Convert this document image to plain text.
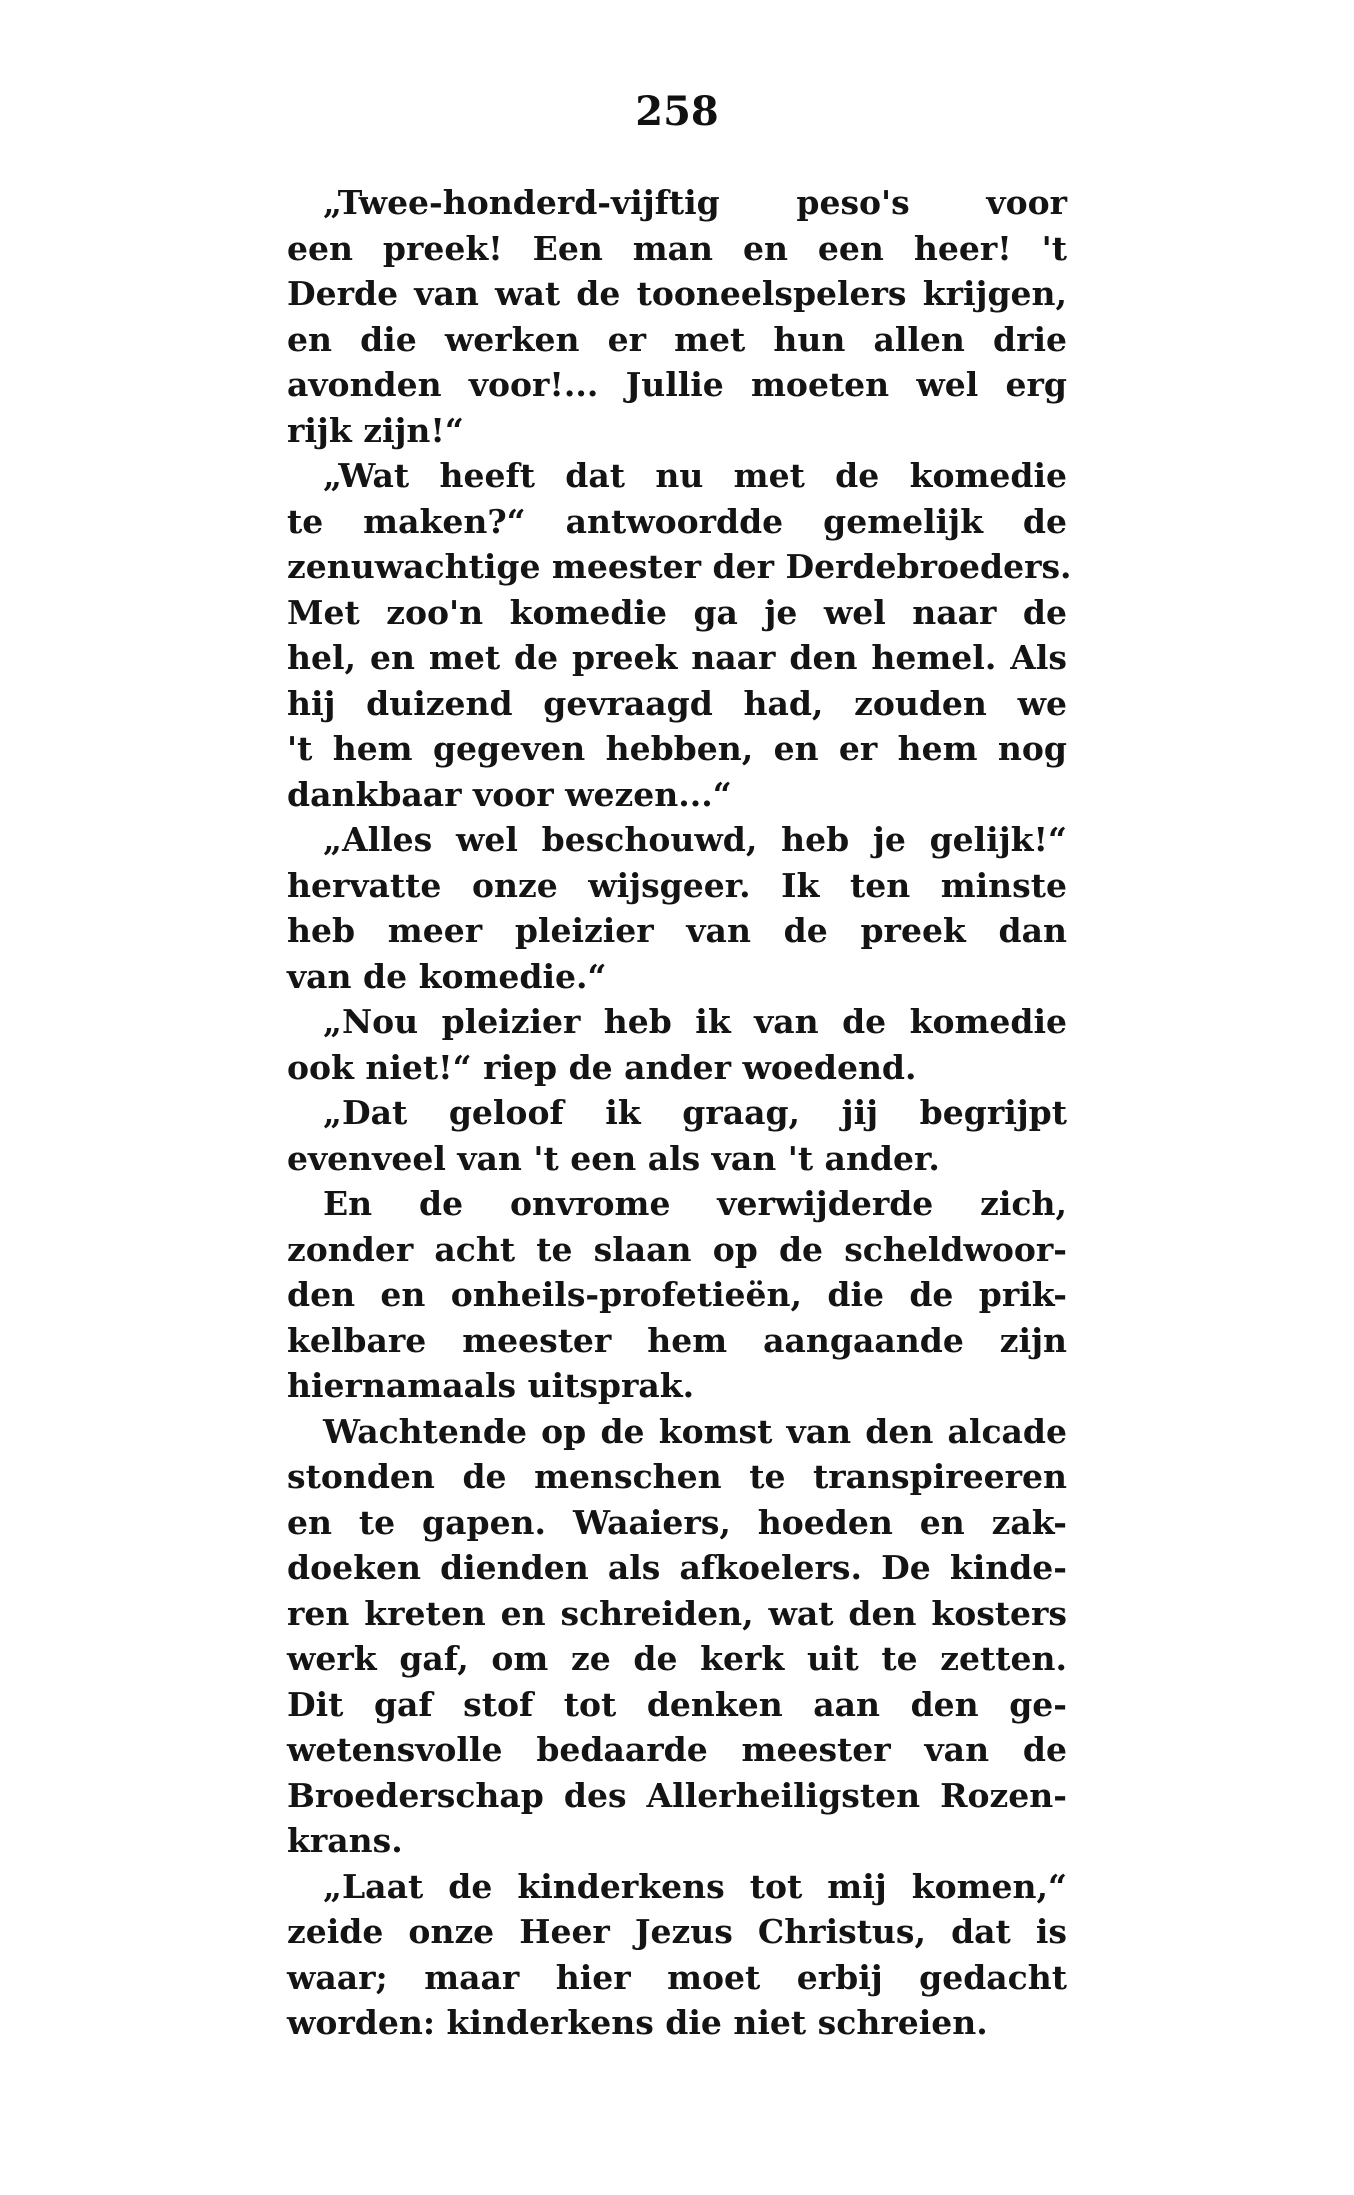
258
„Twee-honderd-vijftig peso's voor
een preek! Een man en een heer! 't
Derde van wat de tooneelspelers krijgen,
en die werken er met hun allen drie
avonden voor!... Jullie moeten wel erg
rijk zijn!“
„Wat heeft dat nu met de komedie
te maken?“ antwoordde gemelijk de
zenuwachtige meester der Derdebroeders.
Met zoo'n komedie ga je wel naar de
hel, en met de preek naar den hemel. Als
hij duizend gevraagd had, zouden we
't hem gegeven hebben, en er hem nog
dankbaar voor wezen...“
„Alles wel beschouwd, heb je gelijk!“
hervatte onze wijsgeer. Ik ten minste
heb meer pleizier van de preek dan
van de komedie.“
„Nou pleizier heb ik van de komedie
ook niet!“ riep de ander woedend.
„Dat geloof ik graag, jij begrijpt
evenveel van 't een als van 't ander.
En de onvrome verwijderde zich,
zonder acht te slaan op de scheldwoor-
den en onheils-profetieën, die de prik-
kelbare meester hem aangaande zijn
hiernamaals uitsprak.
Wachtende op de komst van den alcade
stonden de menschen te transpireeren
en te gapen. Waaiers, hoeden en zak-
doeken dienden als afkoelers. De kinde-
ren kreten en schreiden, wat den kosters
werk gaf, om ze de kerk uit te zetten.
Dit gaf stof tot denken aan den ge-
wetensvolle bedaarde meester van de
Broederschap des Allerheiligsten Rozen-
krans.
„Laat de kinderkens tot mij komen,“
zeide onze Heer Jezus Christus, dat is
waar; maar hier moet erbij gedacht
worden: kinderkens die niet schreien.
